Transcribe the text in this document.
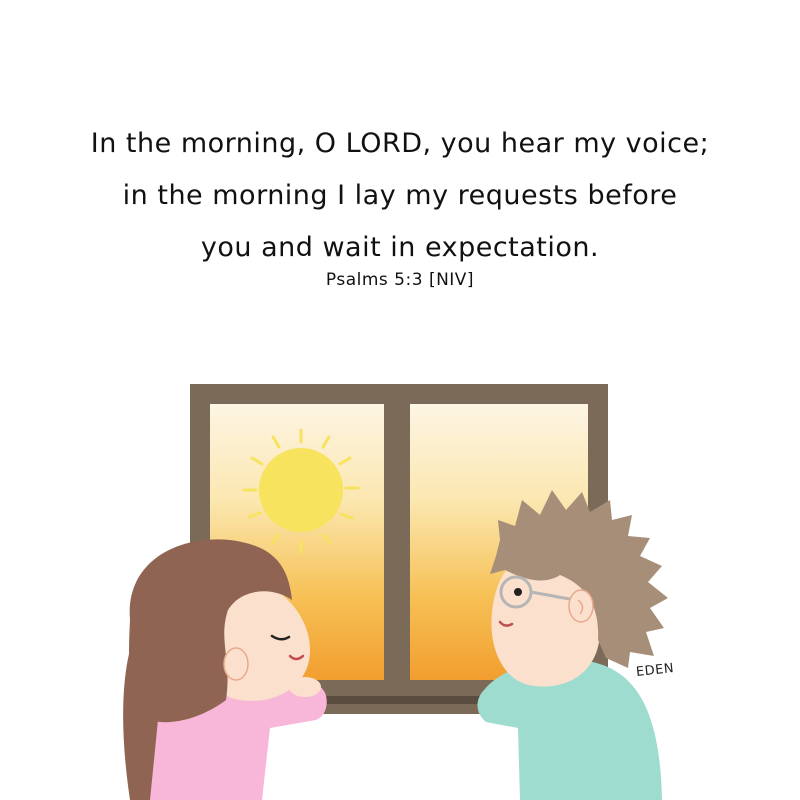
In the morning, O LORD, you hear my voice;
in the morning I lay my requests before
you and wait in expectation.
Psalms 5:3 [NIV]
EDEN
